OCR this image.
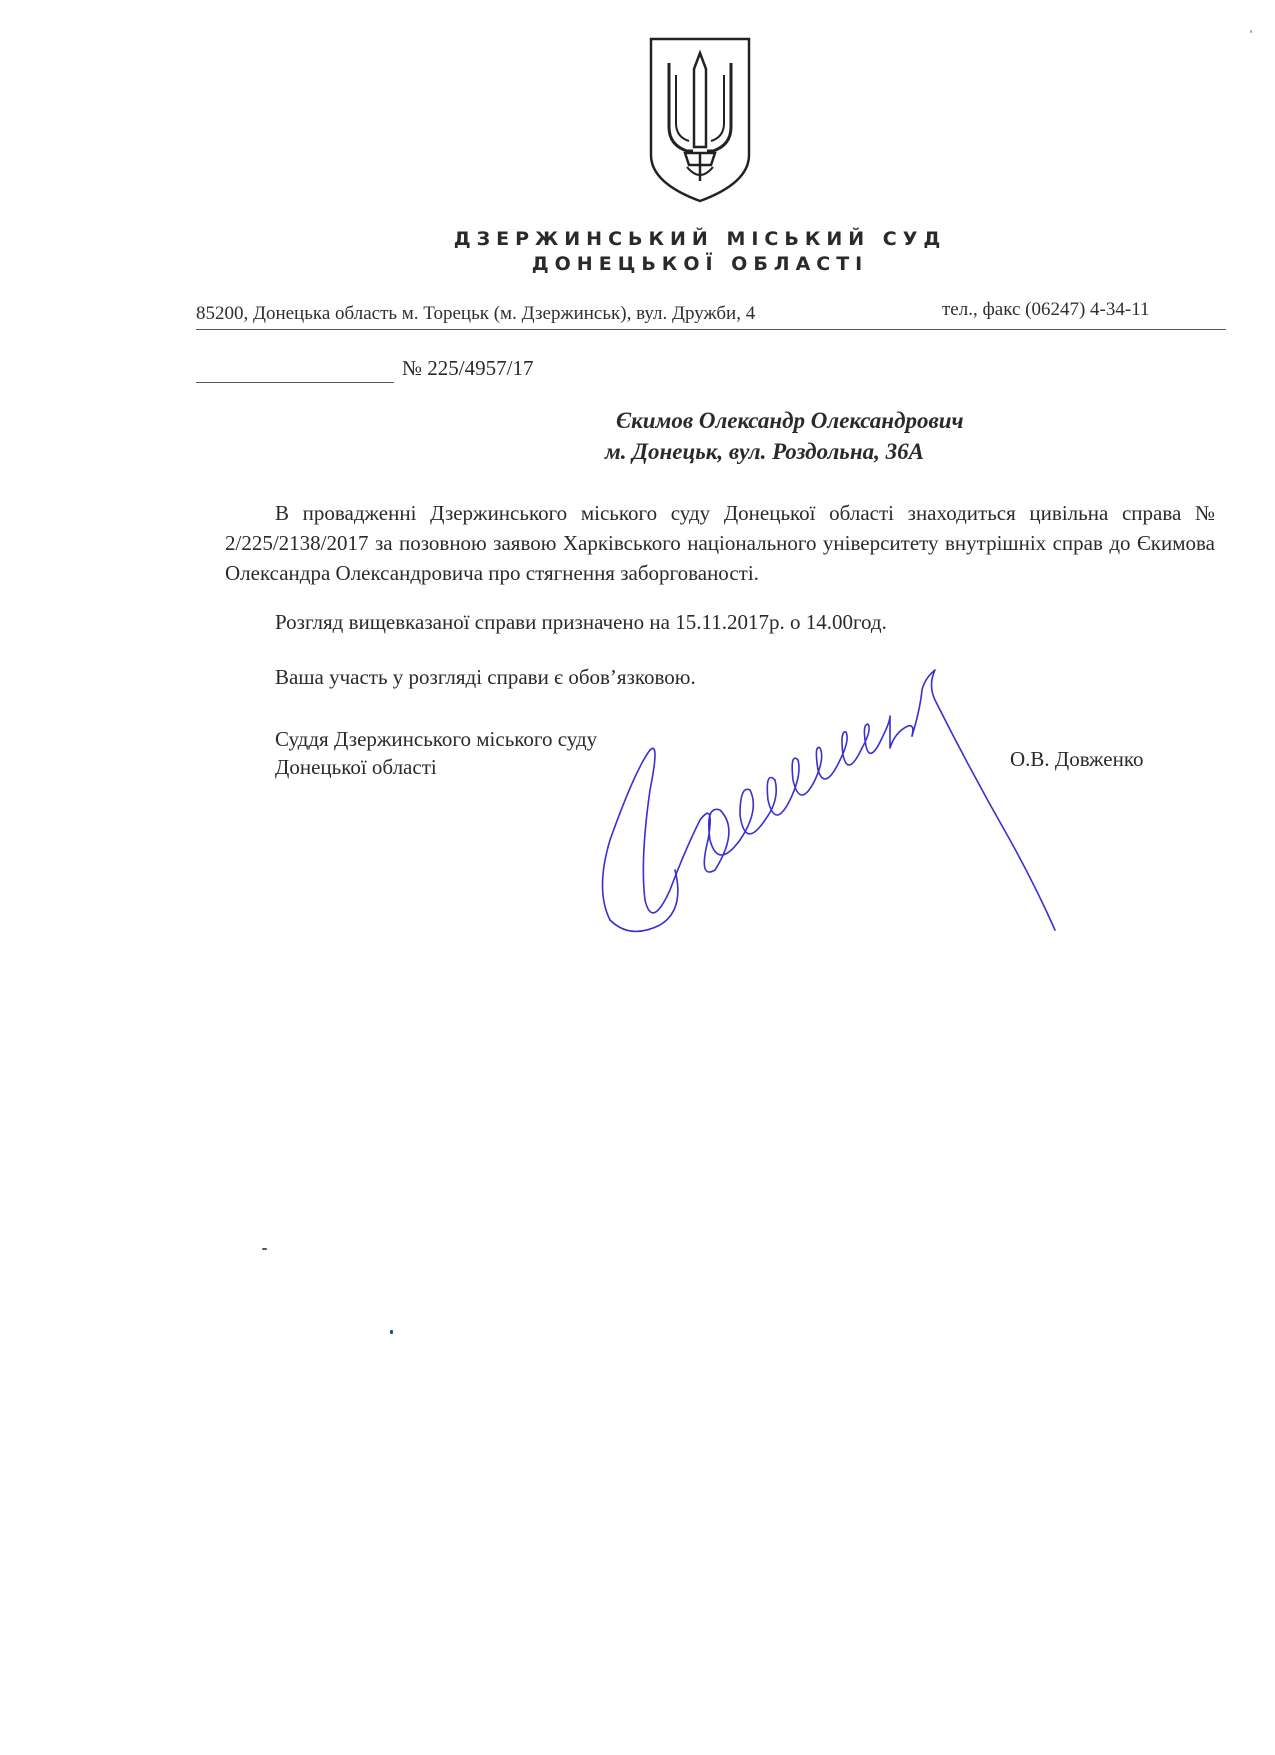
ДЗЕРЖИНСЬКИЙ МІСЬКИЙ СУД
ДОНЕЦЬКОЇ ОБЛАСТІ
85200, Донецька область м. Торецьк (м. Дзержинськ), вул. Дружби, 4	тел., факс (06247) 4-34-11
№ 225/4957/17
Єкимов Олександр Олександрович
м. Донецьк, вул. Роздольна, 36А
В провадженні Дзержинського міського суду Донецької області знаходиться цивільна справа № 2/225/2138/2017 за позовною заявою Харківського національного університету внутрішніх справ до Єкимова Олександра Олександровича про стягнення заборгованості.
Розгляд вищевказаної справи призначено на 15.11.2017р. о 14.00год.
Ваша участь у розгляді справи є обов’язковою.
Суддя Дзержинського міського суду
Донецької області	О.В. Довженко
